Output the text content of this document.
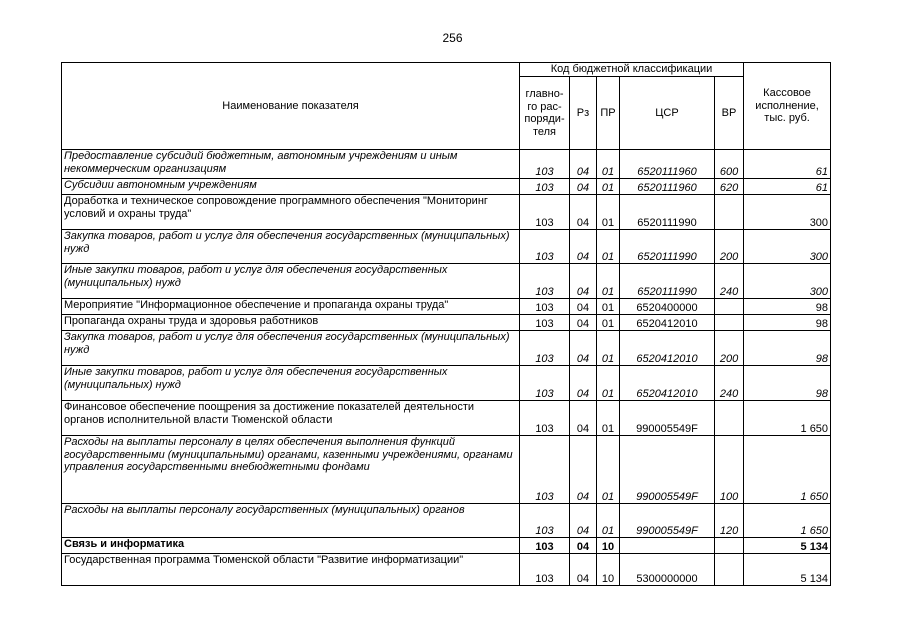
256
Наименование показателя	Код бюджетной классификации					Кассовое исполнение, тыс. руб.
	главно-
го рас-
поряди-
теля	Рз	ПР	ЦСР	ВР	
Предоставление субсидий бюджетным, автономным учреждениям и иным некоммерческим организациям	103	04	01	6520111960	600	61
Субсидии автономным учреждениям	103	04	01	6520111960	620	61
Доработка и техническое сопровождение программного обеспечения "Мониторинг условий и охраны труда"	103	04	01	6520111990		300
Закупка товаров, работ и услуг для обеспечения государственных (муниципальных) нужд	103	04	01	6520111990	200	300
Иные закупки товаров, работ и услуг для обеспечения государственных (муниципальных) нужд	103	04	01	6520111990	240	300
Мероприятие "Информационное обеспечение и пропаганда охраны труда"	103	04	01	6520400000		98
Пропаганда охраны труда и здоровья работников	103	04	01	6520412010		98
Закупка товаров, работ и услуг для обеспечения государственных (муниципальных) нужд	103	04	01	6520412010	200	98
Иные закупки товаров, работ и услуг для обеспечения государственных (муниципальных) нужд	103	04	01	6520412010	240	98
Финансовое обеспечение поощрения за достижение показателей деятельности органов исполнительной власти Тюменской области	103	04	01	990005549F		1 650
Расходы на выплаты персоналу в целях обеспечения выполнения функций государственными (муниципальными) органами, казенными учреждениями, органами управления государственными внебюджетными фондами	103	04	01	990005549F	100	1 650
Расходы на выплаты персоналу государственных (муниципальных) органов	103	04	01	990005549F	120	1 650
Связь и информатика	103	04	10			5 134
Государственная программа Тюменской области "Развитие информатизации"	103	04	10	5300000000		5 134
